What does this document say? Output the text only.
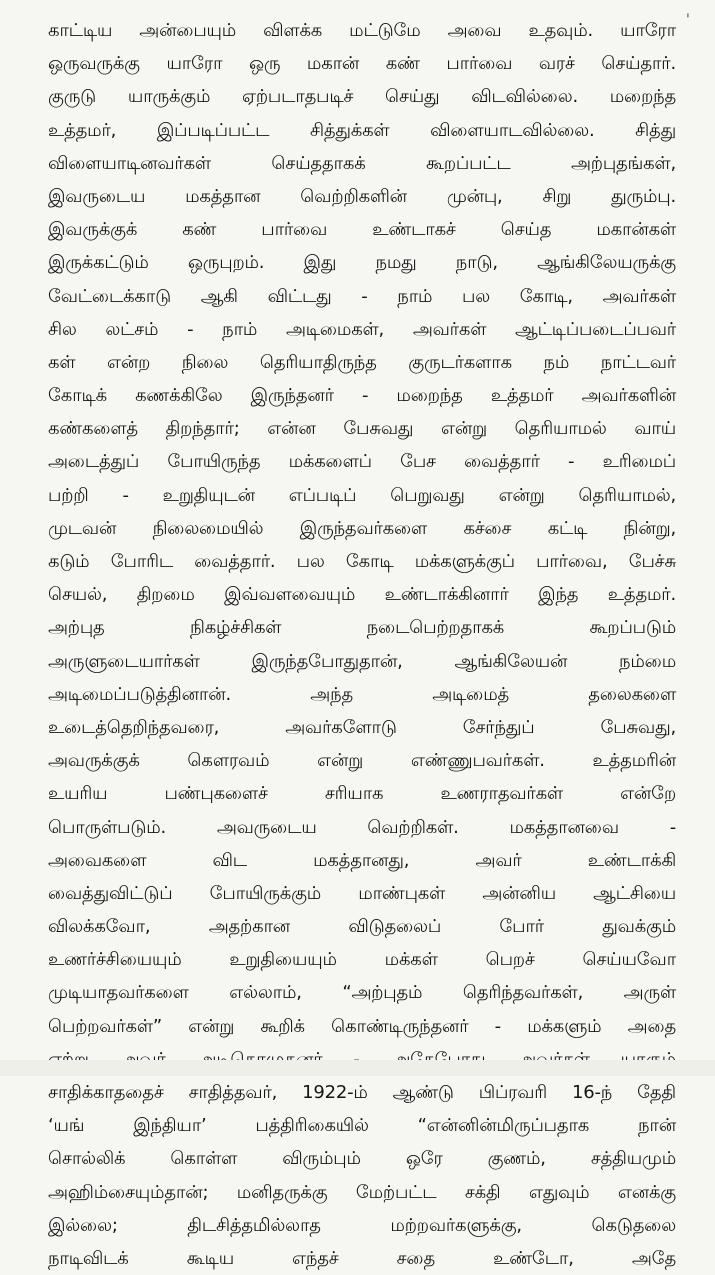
'
காட்டிய அன்பையும் விளக்க மட்டுமே அவை உதவும். யாரோ
ஒருவருக்கு யாரோ ஒரு மகான் கண் பார்வை வரச் செய்தார்.
குருடு யாருக்கும் ஏற்படாதபடிச் செய்து விடவில்லை. மறைந்த
உத்தமர், இப்படிப்பட்ட சித்துக்கள் விளையாடவில்லை. சித்து
விளையாடினவர்கள் செய்ததாகக் கூறப்பட்ட அற்புதங்கள்,
இவருடைய மகத்தான வெற்றிகளின் முன்பு, சிறு துரும்பு.
இவருக்குக் கண் பார்வை உண்டாகச் செய்த மகான்கள்
இருக்கட்டும் ஒருபுறம். இது நமது நாடு, ஆங்கிலேயருக்கு
வேட்டைக்காடு ஆகி விட்டது - நாம் பல கோடி, அவர்கள்
சில லட்சம் - நாம் அடிமைகள், அவர்கள் ஆட்டிப்படைப்பவர்
கள் என்ற நிலை தெரியாதிருந்த குருடர்களாக நம் நாட்டவர்
கோடிக் கணக்கிலே இருந்தனர் - மறைந்த உத்தமர் அவர்களின்
கண்களைத் திறந்தார்; என்ன பேசுவது என்று தெரியாமல் வாய்
அடைத்துப் போயிருந்த மக்களைப் பேச வைத்தார் - உரிமைப்
பற்றி - உறுதியுடன் எப்படிப் பெறுவது என்று தெரியாமல்,
முடவன் நிலைமையில் இருந்தவர்களை கச்சை கட்டி நின்று,
கடும் போரிட வைத்தார். பல கோடி மக்களுக்குப் பார்வை, பேச்சு
செயல், திறமை இவ்வளவையும் உண்டாக்கினார் இந்த உத்தமர்.
அற்புத நிகழ்ச்சிகள் நடைபெற்றதாகக் கூறப்படும்
அருளுடையார்கள் இருந்தபோதுதான், ஆங்கிலேயன் நம்மை
அடிமைப்படுத்தினான். அந்த அடிமைத் தலைகளை
உடைத்தெறிந்தவரை, அவர்களோடு சேர்ந்துப் பேசுவது,
அவருக்குக் கௌரவம் என்று எண்ணுபவர்கள். உத்தமரின்
உயரிய பண்புகளைச் சரியாக உணராதவர்கள் என்றே
பொருள்படும். அவருடைய வெற்றிகள். மகத்தானவை -
அவைகளை விட மகத்தானது, அவர் உண்டாக்கி
வைத்துவிட்டுப் போயிருக்கும் மாண்புகள் அன்னிய ஆட்சியை
விலக்கவோ, அதற்கான விடுதலைப் போர் துவக்கும்
உணர்ச்சியையும் உறுதியையும் மக்கள் பெறச் செய்யவோ
முடியாதவர்களை எல்லாம், “அற்புதம் தெரிந்தவர்கள், அருள்
பெற்றவர்கள்” என்று கூறிக் கொண்டிருந்தனர் - மக்களும் அதை
சாதிக்காததைச் சாதித்தவர், 1922-ம் ஆண்டு பிப்ரவரி 16-ந் தேதி
‘யங் இந்தியா’ பத்திரிகையில் “என்னின்மிருப்பதாக நான்
சொல்லிக் கொள்ள விரும்பும் ஒரே குணம், சத்தியமும்
அஹிம்சையும்தான்; மனிதருக்கு மேற்பட்ட சக்தி எதுவும் எனக்கு
இல்லை; திடசித்தமில்லாத மற்றவர்களுக்கு, கெடுதலை
நாடிவிடக் கூடிய எந்தச் சதை உண்டோ, அதே
